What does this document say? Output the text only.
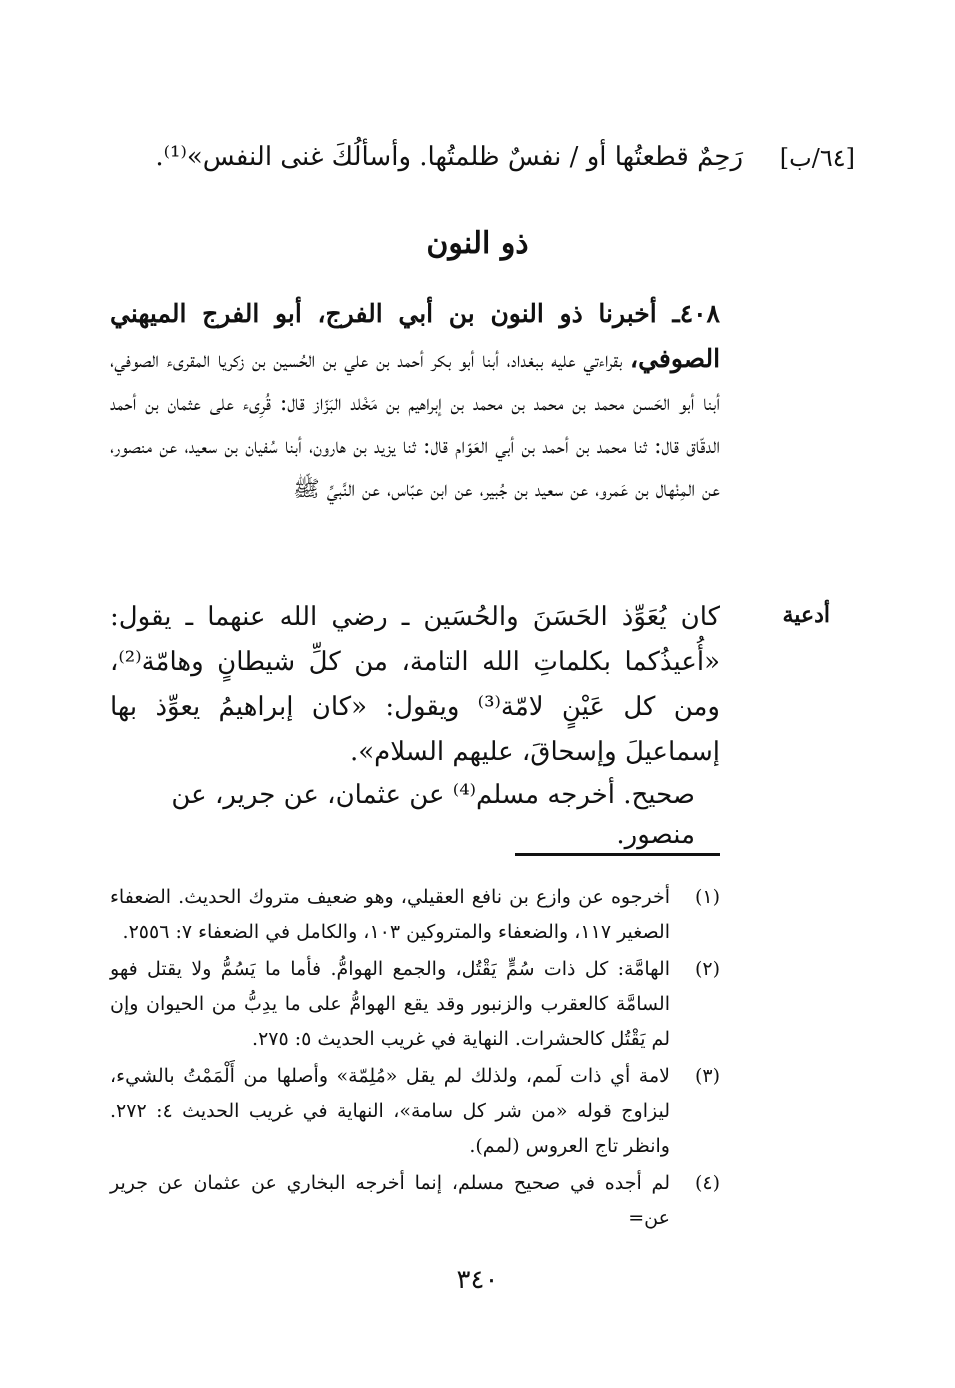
[٦٤/ب]
رَحِمٌ قطعتُها أو / نفسٌ ظلمتُها. وأسألُكَ غنى النفس»⁽¹⁾.
ذو النون

٤٠٨ـ أخبرنا ذو النون بن أبي الفرج، أبو الفرج الميهني الصوفي، بقراءتي عليه ببغداد، أبنا أبو بكر أحمد بن علي بن الحُسين بن زكريا المقرىء الصوفي، أبنا أبو الحَسن محمد بن محمد بن محمد بن إبراهيم بن مَخْلد البَزّاز قال: قُرِىء على عثمان بن أحمد الدقّاق قال: ثنا محمد بن أحمد بن أبي العَوّام قال: ثنا يزيد بن هارون، أبنا سُفيان بن سعيد، عن منصور، عن المِنْهال بن عَمرو، عن سعيد بن جُبير، عن ابن عبّاس، عن النَّبيِّ ﷺ

أدعية

كان يُعَوِّذ الحَسَنَ والحُسَين ـ رضي الله عنهما ـ يقول: «أُعيذُكما بكلماتِ الله التامة، من كلِّ شيطانٍ وهامّة⁽²⁾، ومن كل عَيْنٍ لامّة⁽³⁾ ويقول: «كان إبراهيمُ يعوِّذ بها إسماعيلَ وإسحاقَ، عليهم السلام».

صحيح. أخرجه مسلم⁽⁴⁾ عن عثمان، عن جرير، عن منصور.
(١)
أخرجوه عن وازع بن نافع العقيلي، وهو ضعيف متروك الحديث. الضعفاء الصغير ١١٧، والضعفاء والمتروكين ١٠٣، والكامل في الضعفاء ٧: ٢٥٥٦.
(٢)
الهامَّة: كل ذات سُمٍّ يَقْتُل، والجمع الهوامُّ. فأما ما يَسُمُّ ولا يقتل فهو السامَّة كالعقرب والزنبور وقد يقع الهوامُّ على ما يدِبُّ من الحيوان وإن لم يَقْتُل كالحشرات. النهاية في غريب الحديث ٥: ٢٧٥.
(٣)
لامة أي ذات لَمم، ولذلك لم يقل «مُلِمّة» وأصلها من أَلْمَمْتُ بالشيء، ليزاوج قوله «من شر كل سامة»، النهاية في غريب الحديث ٤: ٢٧٢. وانظر تاج العروس (لمم).
(٤)
لم أجده في صحيح مسلم، إنما أخرجه البخاري عن عثمان عن جرير عن=
٣٤٠
